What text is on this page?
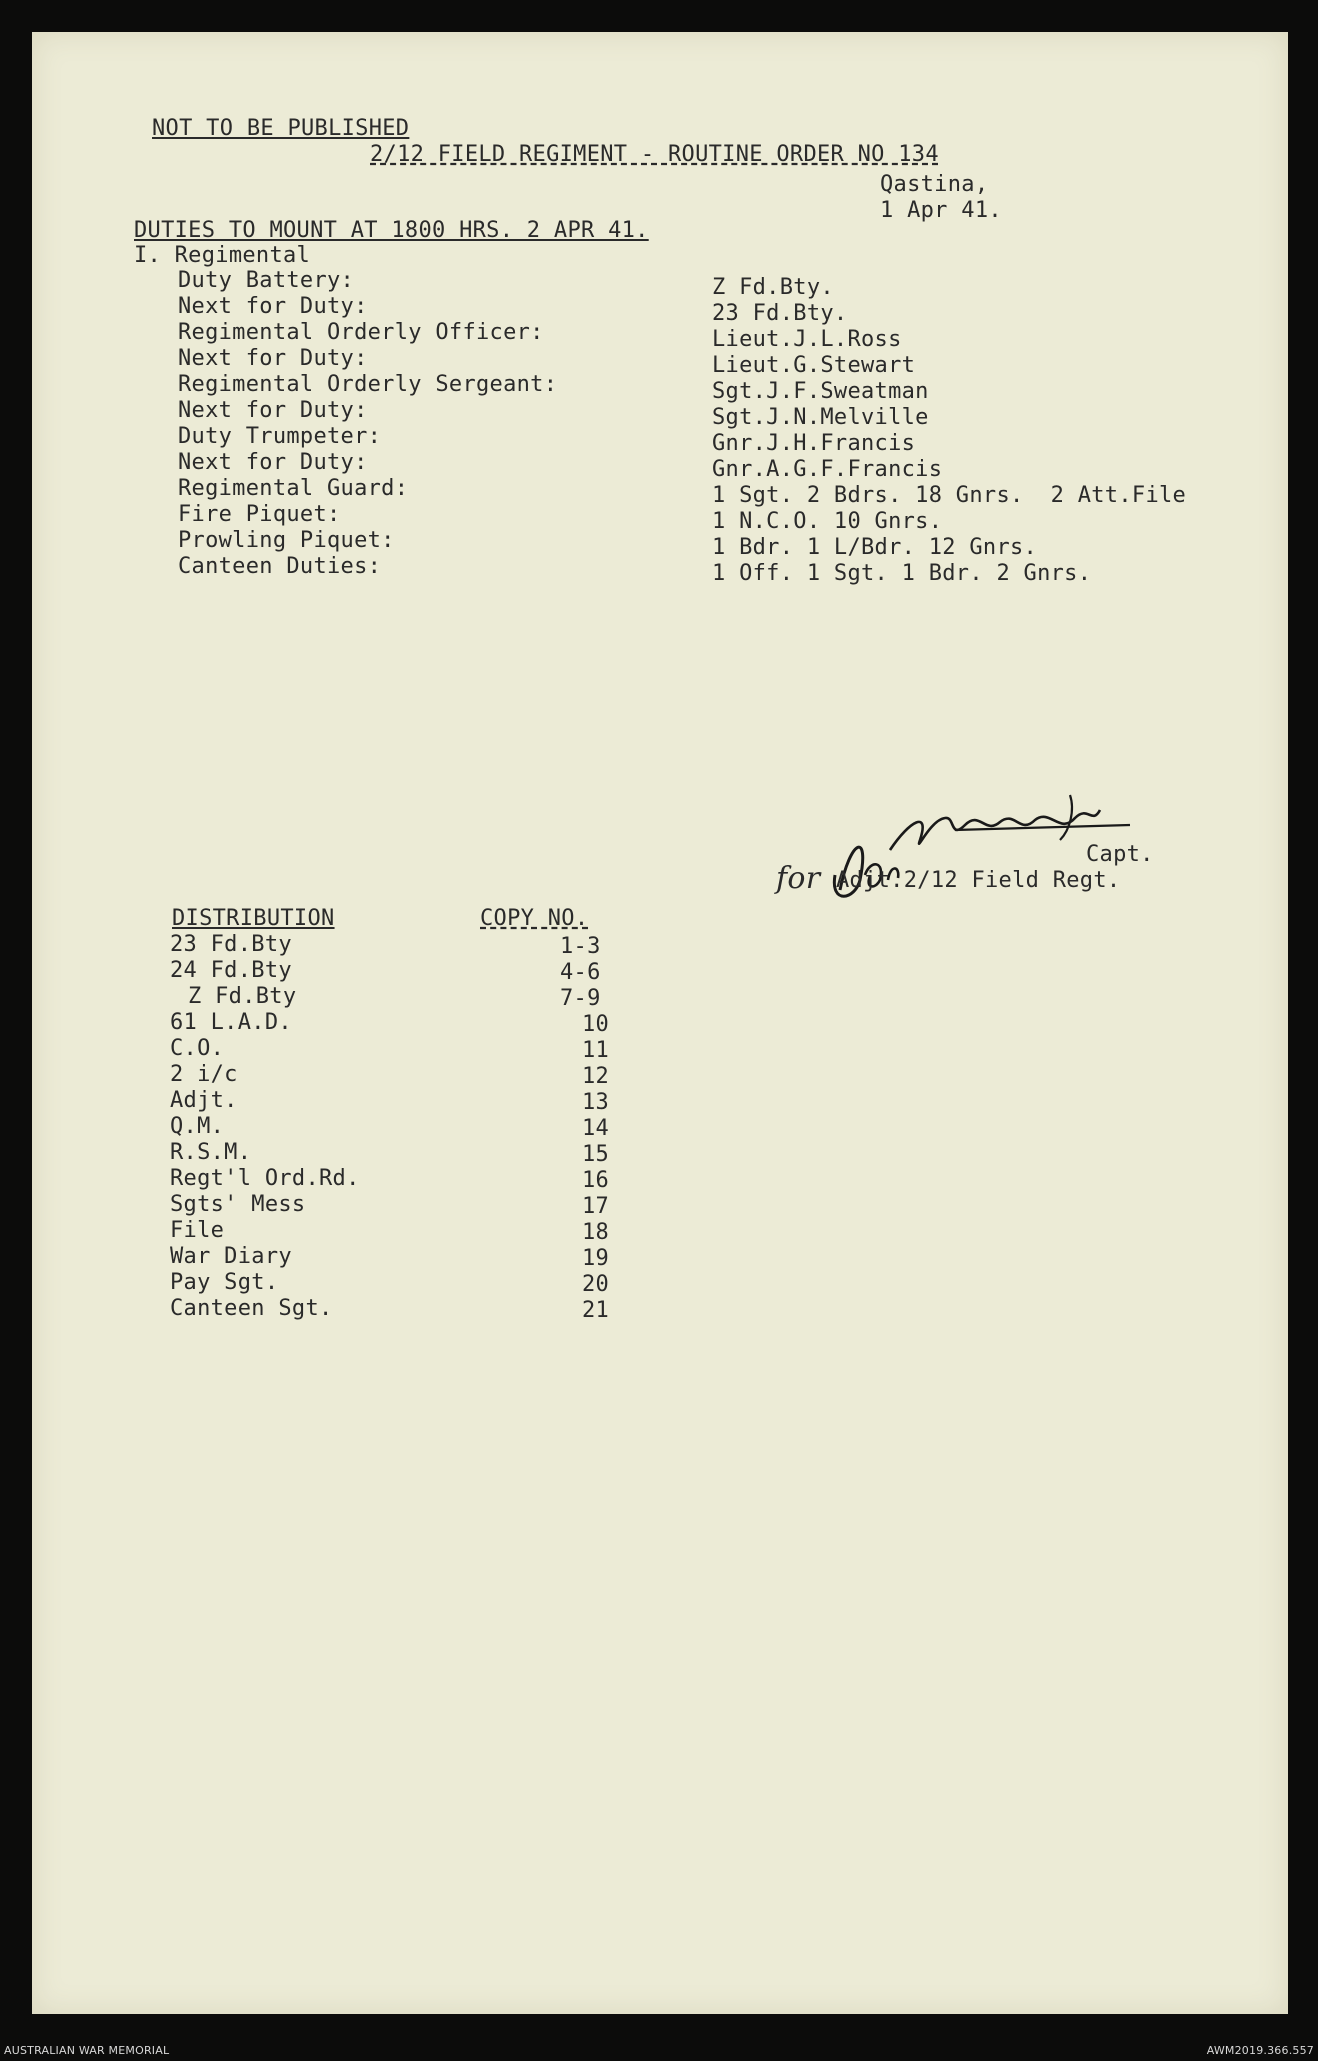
NOT TO BE PUBLISHED
2/12 FIELD REGIMENT - ROUTINE ORDER NO 134
Qastina,
1 Apr 41.
DUTIES TO MOUNT AT 1800 HRS. 2 APR 41.
I. Regimental
Duty Battery:	Z Fd.Bty.
Next for Duty:	23 Fd.Bty.
Regimental Orderly Officer:	Lieut.J.L.Ross
Next for Duty:	Lieut.G.Stewart
Regimental Orderly Sergeant:	Sgt.J.F.Sweatman
Next for Duty:	Sgt.J.N.Melville
Duty Trumpeter:	Gnr.J.H.Francis
Next for Duty:	Gnr.A.G.F.Francis
Regimental Guard:	1 Sgt. 2 Bdrs. 18 Gnrs.  2 Att.File
Fire Piquet:	1 N.C.O. 10 Gnrs.
Prowling Piquet:	1 Bdr. 1 L/Bdr. 12 Gnrs.
Canteen Duties:	1 Off. 1 Sgt. 1 Bdr. 2 Gnrs.
Capt.
for Adjt.2/12 Field Regt.
DISTRIBUTION	COPY NO.
23 Fd.Bty	1-3
24 Fd.Bty	4-6
Z Fd.Bty	7-9
61 L.A.D.	10
C.O.	11
2 i/c	12
Adjt.	13
Q.M.	14
R.S.M.	15
Regt'l Ord.Rd.	16
Sgts' Mess	17
File	18
War Diary	19
Pay Sgt.	20
Canteen Sgt.	21
AUSTRALIAN WAR MEMORIAL	AWM2019.366.557
